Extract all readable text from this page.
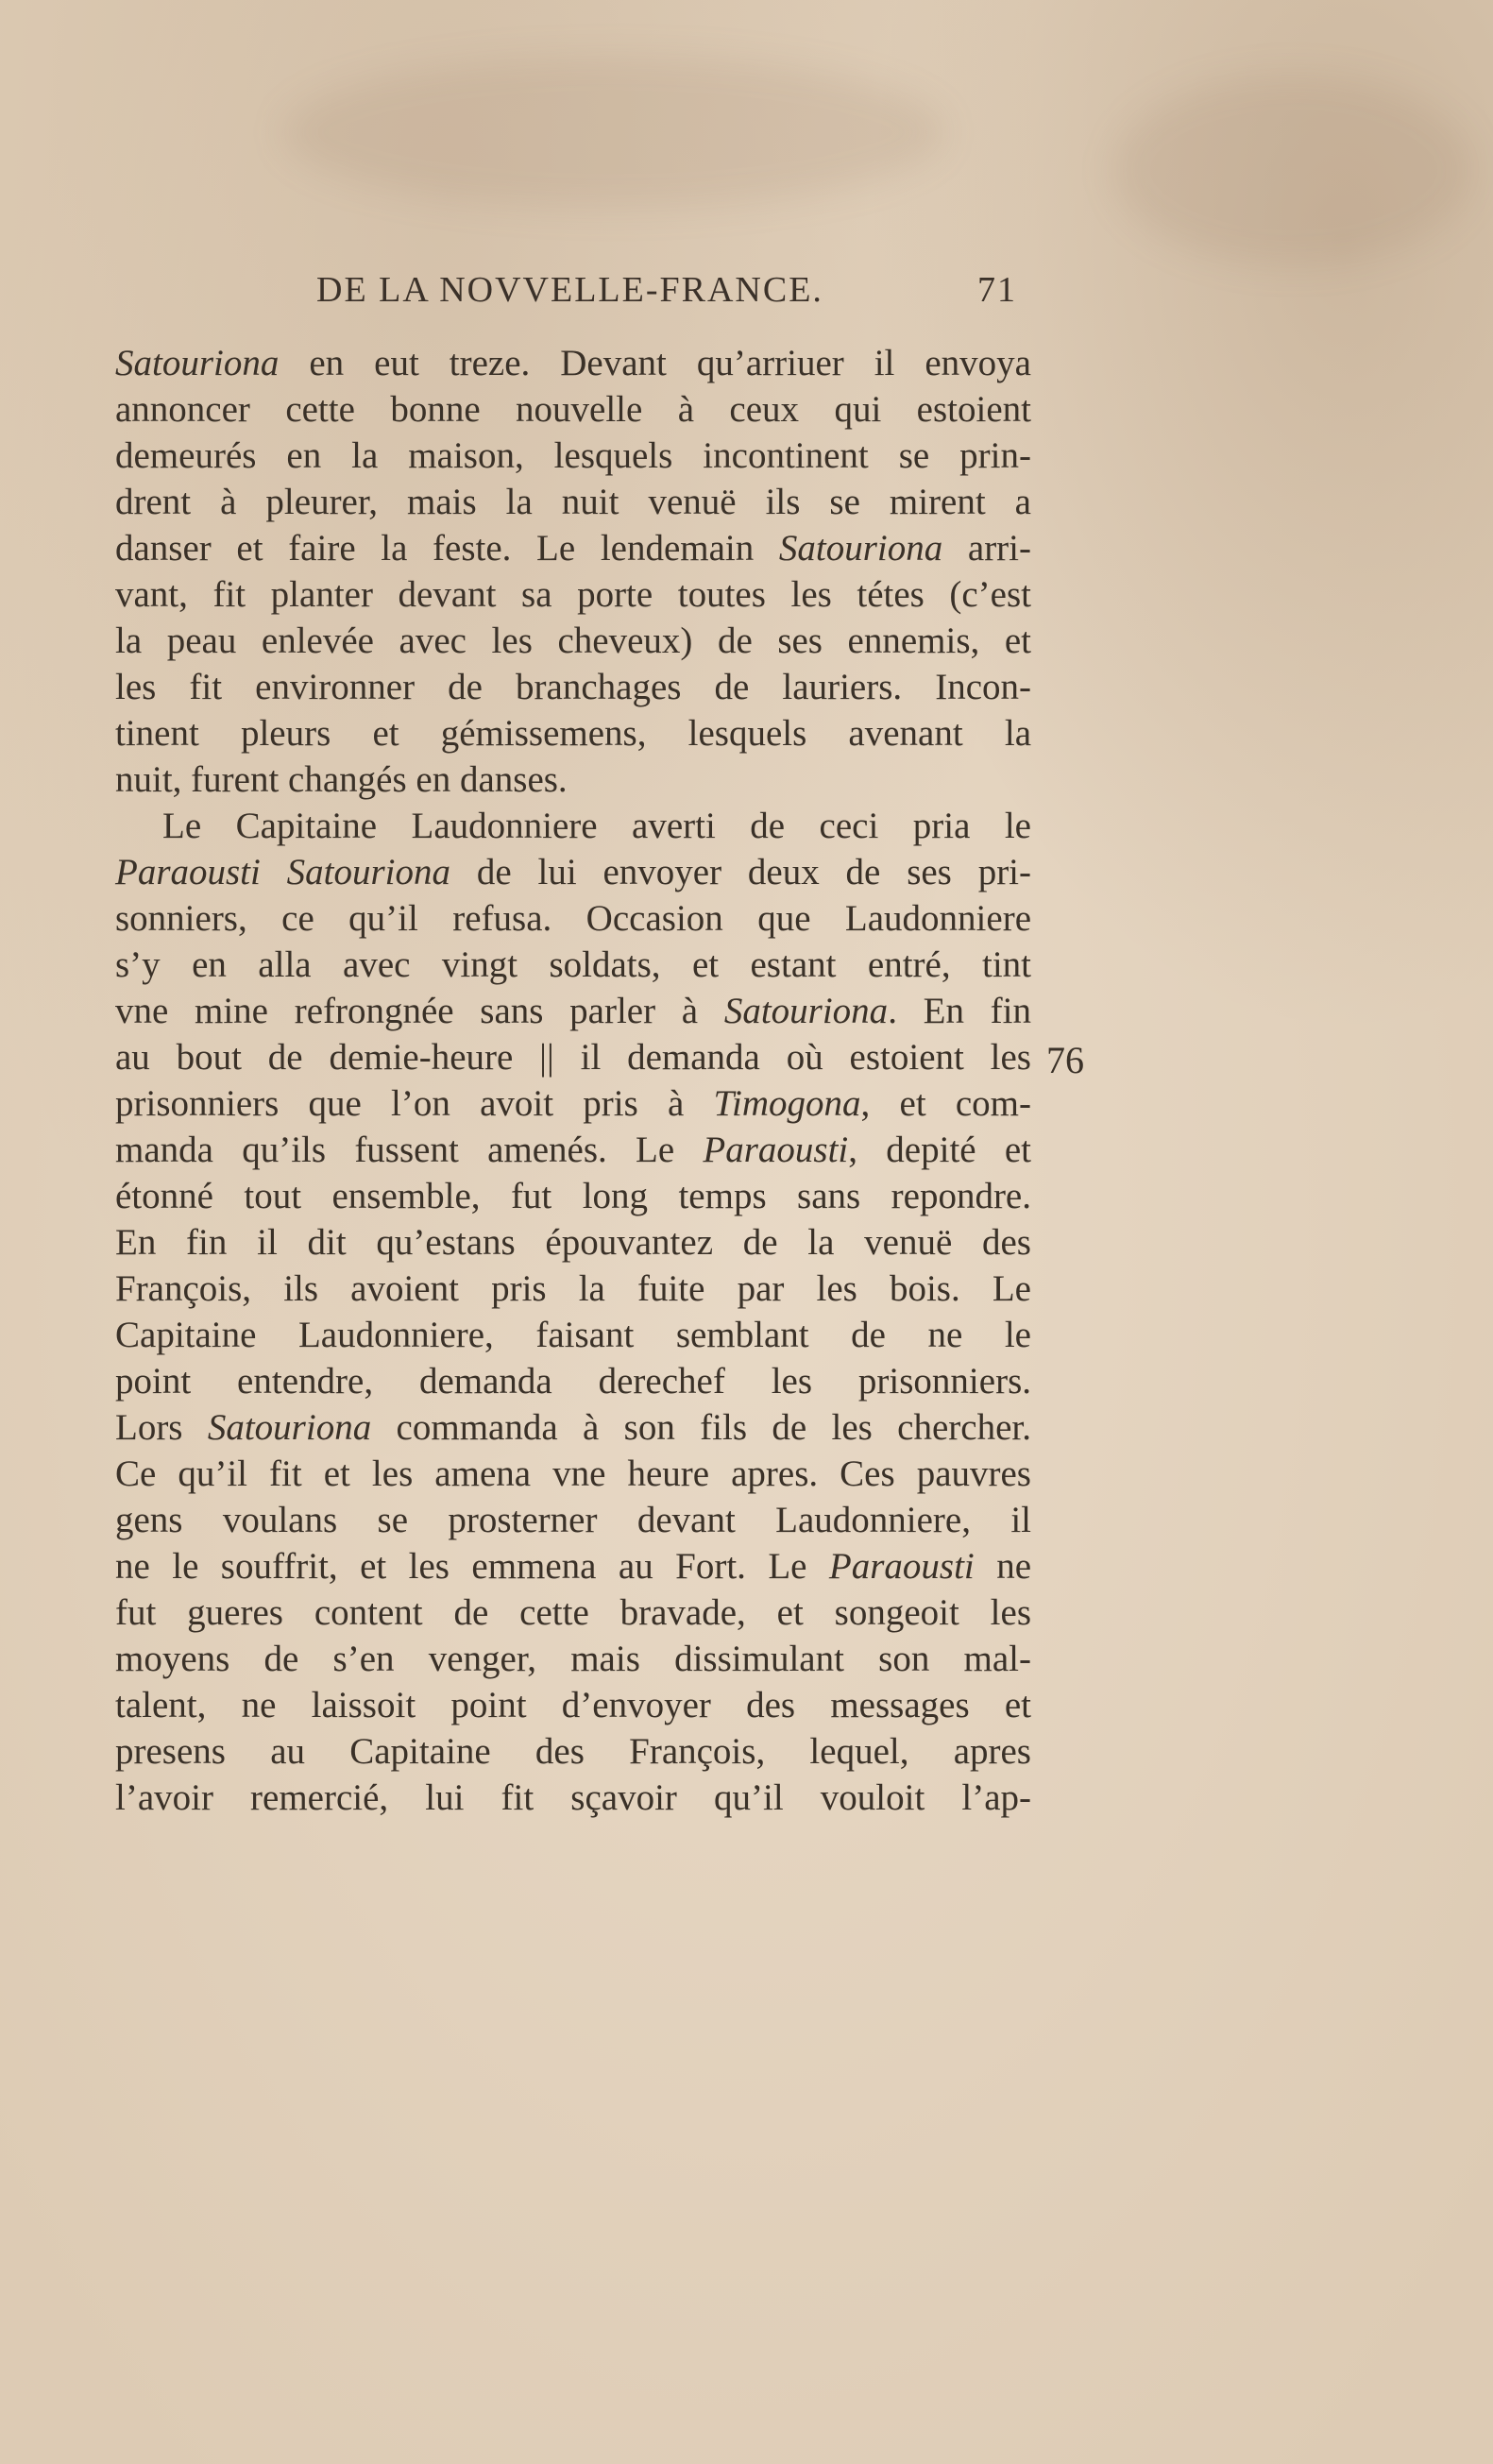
DE LA NOVVELLE-FRANCE.	71
Satouriona en eut treze. Devant qu’arriuer il envoya
annoncer cette bonne nouvelle à ceux qui estoient
demeurés en la maison, lesquels incontinent se prin-
drent à pleurer, mais la nuit venuë ils se mirent a
danser et faire la feste. Le lendemain Satouriona arri-
vant, fit planter devant sa porte toutes les tétes (c’est
la peau enlevée avec les cheveux) de ses ennemis, et
les fit environner de branchages de lauriers. Incon-
tinent pleurs et gémissemens, lesquels avenant la
nuit, furent changés en danses.
Le Capitaine Laudonniere averti de ceci pria le
Paraousti Satouriona de lui envoyer deux de ses pri-
sonniers, ce qu’il refusa. Occasion que Laudonniere
s’y en alla avec vingt soldats, et estant entré, tint
vne mine refrongnée sans parler à Satouriona. En fin
au bout de demie-heure || il demanda où estoient les
prisonniers que l’on avoit pris à Timogona, et com-
manda qu’ils fussent amenés. Le Paraousti, depité et
étonné tout ensemble, fut long temps sans repondre.
En fin il dit qu’estans épouvantez de la venuë des
François, ils avoient pris la fuite par les bois. Le
Capitaine Laudonniere, faisant semblant de ne le
point entendre, demanda derechef les prisonniers.
Lors Satouriona commanda à son fils de les chercher.
Ce qu’il fit et les amena vne heure apres. Ces pauvres
gens voulans se prosterner devant Laudonniere, il
ne le souffrit, et les emmena au Fort. Le Paraousti ne
fut gueres content de cette bravade, et songeoit les
moyens de s’en venger, mais dissimulant son mal-
talent, ne laissoit point d’envoyer des messages et
presens au Capitaine des François, lequel, apres
l’avoir remercié, lui fit sçavoir qu’il vouloit l’ap-
76
